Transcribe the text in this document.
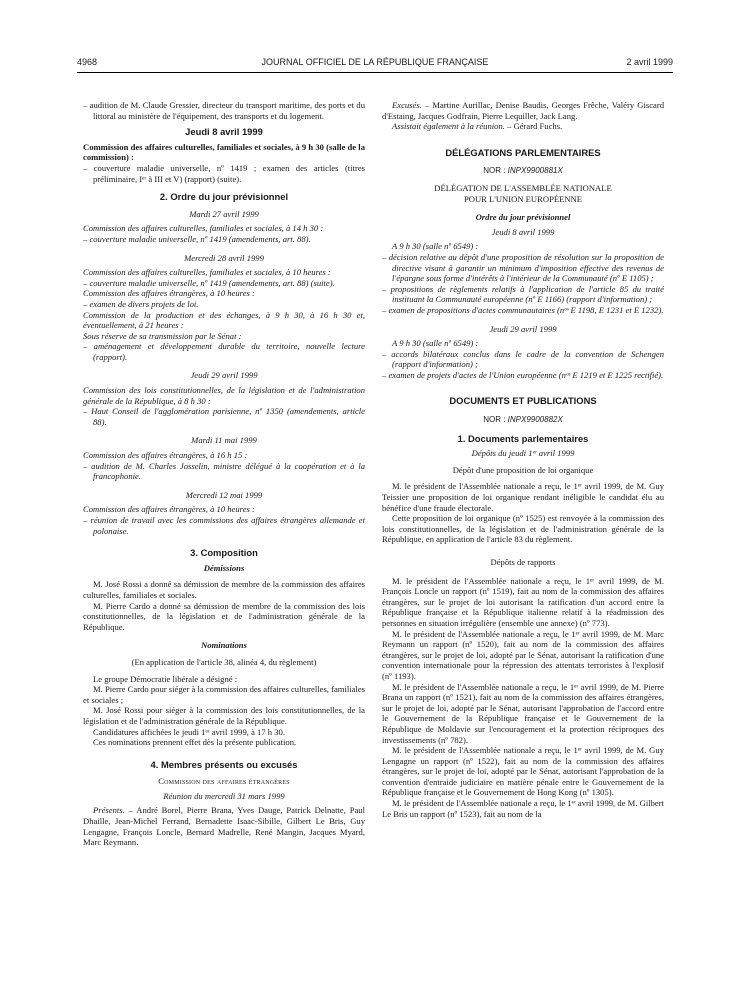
4968	JOURNAL OFFICIEL DE LA RÉPUBLIQUE FRANÇAISE	2 avril 1999

– audition de M. Claude Gressier, directeur du transport maritime, des ports et du littoral au ministère de l'équipement, des transports et du logement.

Jeudi 8 avril 1999

Commission des affaires culturelles, familiales et sociales, à 9 h 30 (salle de la commission) :

– couverture maladie universelle, nº 1419 ; examen des articles (titres préliminaire, Iᵉʳ à III et V) (rapport) (suite).

2. Ordre du jour prévisionnel

Mardi 27 avril 1999

Commission des affaires culturelles, familiales et sociales, à 14 h 30 :

– couverture maladie universelle, nº 1419 (amendements, art. 88).

Mercredi 28 avril 1999

Commission des affaires culturelles, familiales et sociales, à 10 heures :

– couverture maladie universelle, nº 1419 (amendements, art. 88) (suite).

Commission des affaires étrangères, à 10 heures :

– examen de divers projets de loi.

Commission de la production et des échanges, à 9 h 30, à 16 h 30 et, éventuellement, à 21 heures :

Sous réserve de sa transmission par le Sénat :

– aménagement et développement durable du territoire, nouvelle lecture (rapport).

Jeudi 29 avril 1999

Commission des lois constitutionnelles, de la législation et de l'administration générale de la République, à 8 h 30 :

– Haut Conseil de l'agglomération parisienne, nº 1350 (amendements, article 88).

Mardi 11 mai 1999

Commission des affaires étrangères, à 16 h 15 :

– audition de M. Charles Josselin, ministre délégué à la coopération et à la francophonie.

Mercredi 12 mai 1999

Commission des affaires étrangères, à 10 heures :

– réunion de travail avec les commissions des affaires étrangères allemande et polonaise.

3. Composition

Démissions

M. José Rossi a donné sa démission de membre de la commission des affaires culturelles, familiales et sociales.

M. Pierre Cardo a donné sa démission de membre de la commission des lois constitutionnelles, de la législation et de l'administration générale de la République.

Nominations

(En application de l'article 38, alinéa 4, du règlement)

Le groupe Démocratie libérale a désigné :

M. Pierre Cardo pour siéger à la commission des affaires culturelles, familiales et sociales ;

M. José Rossi pour siéger à la commission des lois constitutionnelles, de la législation et de l'administration générale de la République.

Candidatures affichées le jeudi 1ᵉʳ avril 1999, à 17 h 30.

Ces nominations prennent effet dès la présente publication.

4. Membres présents ou excusés

Commission des affaires étrangères

Réunion du mercredi 31 mars 1999

Présents. – André Borel, Pierre Brana, Yves Dauge, Patrick Delnatte, Paul Dhaille, Jean-Michel Ferrand, Bernadette Isaac-Sibille, Gilbert Le Bris, Guy Lengagne, François Loncle, Bernard Madrelle, René Mangin, Jacques Myard, Marc Reymann.

Excusés. – Martine Aurillac, Denise Baudis, Georges Frêche, Valéry Giscard d'Estaing, Jacques Godfrain, Pierre Lequiller, Jack Lang.

Assistait également à la réunion. – Gérard Fuchs.

DÉLÉGATIONS PARLEMENTAIRES

NOR : INPX9900881X

DÉLÉGATION DE L'ASSEMBLÉE NATIONALE

POUR L'UNION EUROPÉENNE

Ordre du jour prévisionnel

Jeudi 8 avril 1999

A 9 h 30 (salle nº 6549) :

– décision relative au dépôt d'une proposition de résolution sur la proposition de directive visant à garantir un minimum d'imposition effective des revenus de l'épargne sous forme d'intérêts à l'intérieur de la Communauté (nº E 1105) ;

– propositions de règlements relatifs à l'application de l'article 85 du traité instituant la Communauté européenne (nº E 1166) (rapport d'information) ;

– examen de propositions d'actes communautaires (nᵒˢ E 1198, E 1231 et E 1232).

Jeudi 29 avril 1999

A 9 h 30 (salle nº 6549) :

– accords bilatéraux conclus dans le cadre de la convention de Schengen (rapport d'information) ;

– examen de projets d'actes de l'Union européenne (nᵒˢ E 1219 et E 1225 rectifié).

DOCUMENTS ET PUBLICATIONS

NOR : INPX9900882X

1. Documents parlementaires

Dépôts du jeudi 1ᵉʳ avril 1999

Dépôt d'une proposition de loi organique

M. le président de l'Assemblée nationale a reçu, le 1ᵉʳ avril 1999, de M. Guy Teissier une proposition de loi organique rendant inéligible le candidat élu au bénéfice d'une fraude électorale.

Cette proposition de loi organique (nº 1525) est renvoyée à la commission des lois constitutionnelles, de la législation et de l'administration générale de la République, en application de l'article 83 du règlement.

Dépôts de rapports

M. le président de l'Assemblée nationale a reçu, le 1ᵉʳ avril 1999, de M. François Loncle un rapport (nº 1519), fait au nom de la commission des affaires étrangères, sur le projet de loi autorisant la ratification d'un accord entre la République française et la République italienne relatif à la réadmission des personnes en situation irrégulière (ensemble une annexe) (nº 773).

M. le président de l'Assemblée nationale a reçu, le 1ᵉʳ avril 1999, de M. Marc Reymann un rapport (nº 1520), fait au nom de la commission des affaires étrangères, sur le projet de loi, adopté par le Sénat, autorisant la ratification d'une convention internationale pour la répression des attentats terroristes à l'explosif (nº 1193).

M. le président de l'Assemblée nationale a reçu, le 1ᵉʳ avril 1999, de M. Pierre Brana un rapport (nº 1521), fait au nom de la commission des affaires étrangères, sur le projet de loi, adopté par le Sénat, autorisant l'approbation de l'accord entre le Gouvernement de la République française et le Gouvernement de la République de Moldavie sur l'encouragement et la protection réciproques des investissements (nº 782).

M. le président de l'Assemblée nationale a reçu, le 1ᵉʳ avril 1999, de M. Guy Lengagne un rapport (nº 1522), fait au nom de la commission des affaires étrangères, sur le projet de loi, adopté par le Sénat, autorisant l'approbation de la convention d'entraide judiciaire en matière pénale entre le Gouvernement de la République française et le Gouvernement de Hong Kong (nº 1305).

M. le président de l'Assemblée nationale a reçu, le 1ᵉʳ avril 1999, de M. Gilbert Le Bris un rapport (nº 1523), fait au nom de la
